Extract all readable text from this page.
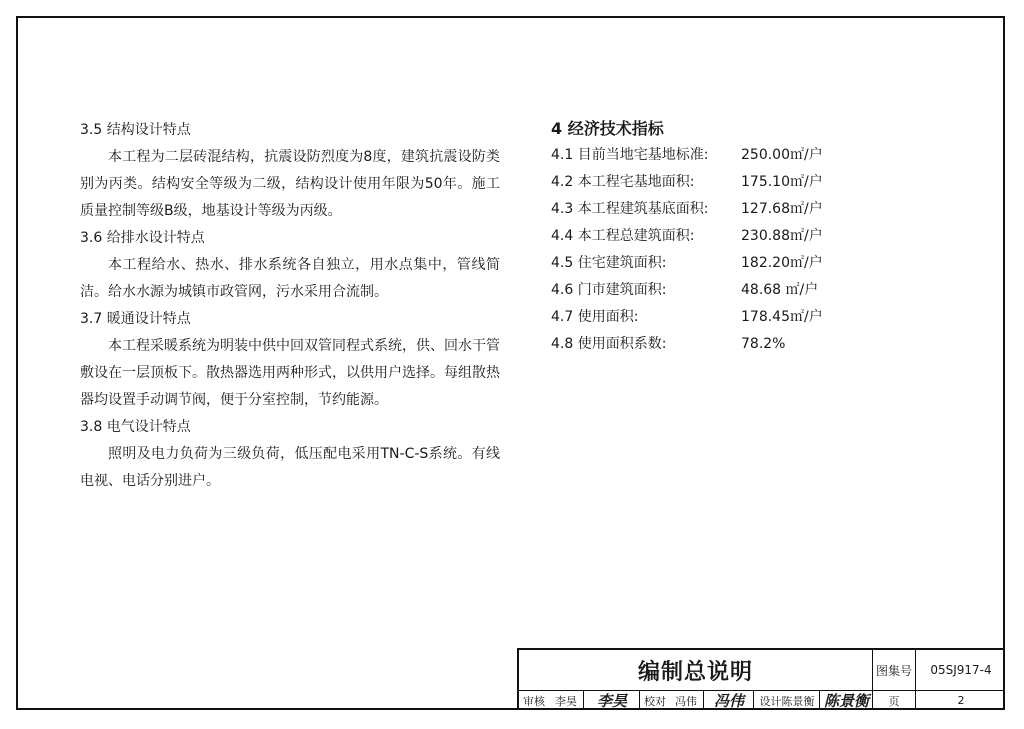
3.5 结构设计特点

本工程为二层砖混结构，抗震设防烈度为8度，建筑抗震设防类别为丙类。结构安全等级为二级，结构设计使用年限为50年。施工质量控制等级B级，地基设计等级为丙级。

3.6 给排水设计特点

本工程给水、热水、排水系统各自独立，用水点集中，管线简洁。给水水源为城镇市政管网，污水采用合流制。

3.7 暖通设计特点

本工程采暖系统为明装中供中回双管同程式系统，供、回水干管敷设在一层顶板下。散热器选用两种形式，以供用户选择。每组散热器均设置手动调节阀，便于分室控制，节约能源。

3.8 电气设计特点

照明及电力负荷为三级负荷，低压配电采用TN-C-S系统。有线电视、电话分别进户。

4 经济技术指标
4.1 目前当地宅基地标准:	250.00㎡/户
4.2 本工程宅基地面积:	175.10㎡/户
4.3 本工程建筑基底面积:	127.68㎡/户
4.4 本工程总建筑面积:	230.88㎡/户
4.5 住宅建筑面积:	182.20㎡/户
4.6 门市建筑面积:	48.68 ㎡/户
4.7 使用面积:	178.45㎡/户
4.8 使用面积系数:	78.2%
编制总说明	图集号	05SJ917-4
审核 李昊	李昊	校对 冯伟	冯伟	设计陈景衡 陈景衡	页	2
